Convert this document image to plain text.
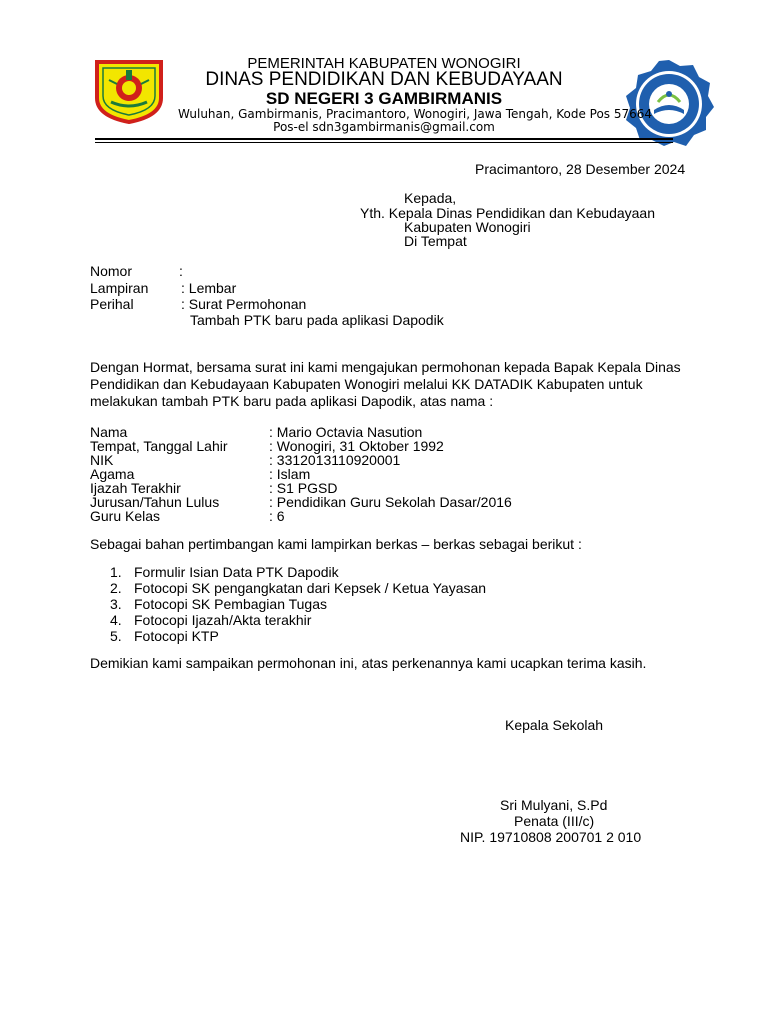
PEMERINTAH KABUPATEN WONOGIRI
DINAS PENDIDIKAN DAN KEBUDAYAAN
SD NEGERI 3 GAMBIRMANIS
Wuluhan, Gambirmanis, Pracimantoro, Wonogiri, Jawa Tengah, Kode Pos 57664
Pos-el sdn3gambirmanis@gmail.com
Pracimantoro, 28 Desember 2024
Kepada,
Yth. Kepala Dinas Pendidikan dan Kebudayaan
Kabupaten Wonogiri
Di Tempat
Nomor	:
Lampiran : Lembar
Perihal	: Surat Permohonan
Tambah PTK baru pada aplikasi Dapodik
Dengan Hormat, bersama surat ini kami mengajukan permohonan kepada Bapak Kepala Dinas Pendidikan dan Kebudayaan Kabupaten Wonogiri melalui KK DATADIK Kabupaten untuk melakukan tambah PTK baru pada aplikasi Dapodik, atas nama :
Nama	: Mario Octavia Nasution
Tempat, Tanggal Lahir	: Wonogiri, 31 Oktober 1992
NIK	: 3312013110920001
Agama	: Islam
Ijazah Terakhir	: S1 PGSD
Jurusan/Tahun Lulus	: Pendidikan Guru Sekolah Dasar/2016
Guru Kelas	: 6
Sebagai bahan pertimbangan kami lampirkan berkas – berkas sebagai berikut :
1. Formulir Isian Data PTK Dapodik
2. Fotocopi SK pengangkatan dari Kepsek / Ketua Yayasan
3. Fotocopi SK Pembagian Tugas
4. Fotocopi Ijazah/Akta terakhir
5. Fotocopi KTP
Demikian kami sampaikan permohonan ini, atas perkenannya kami ucapkan terima kasih.
Kepala Sekolah
Sri Mulyani, S.Pd
Penata (III/c)
NIP. 19710808 200701 2 010
